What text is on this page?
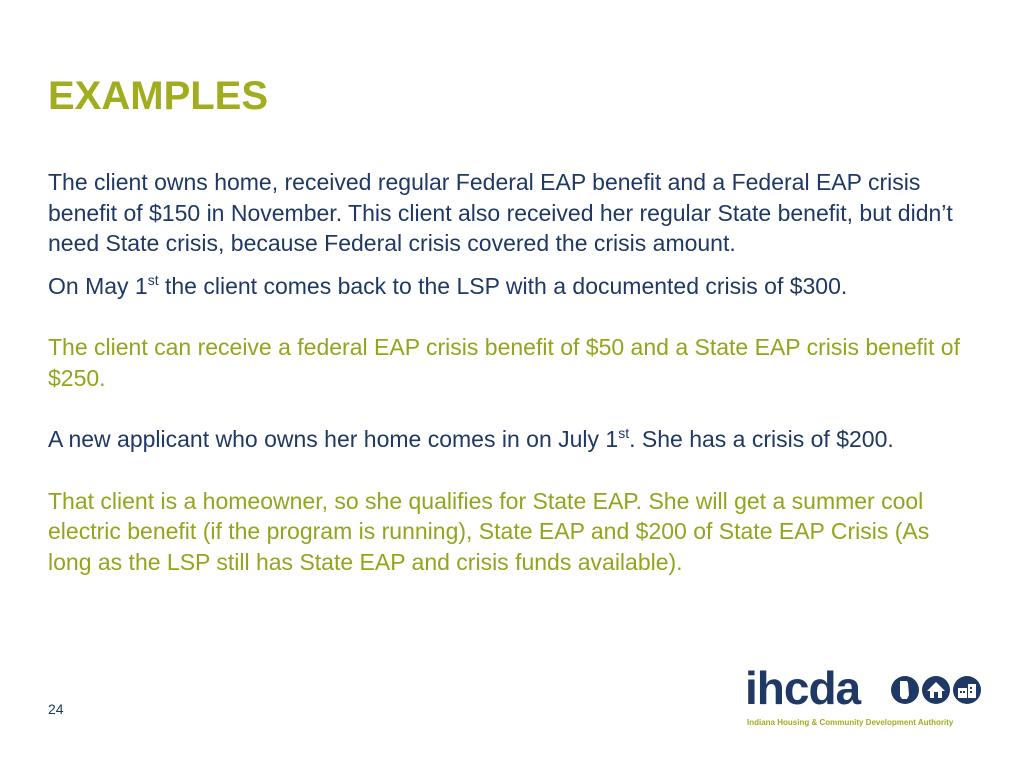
EXAMPLES

The client owns home, received regular Federal EAP benefit and a Federal EAP crisis benefit of $150 in November. This client also received her regular State benefit, but didn’t need State crisis, because Federal crisis covered the crisis amount.

On May 1st the client comes back to the LSP with a documented crisis of $300.

The client can receive a federal EAP crisis benefit of $50 and a State EAP crisis benefit of $250.

A new applicant who owns her home comes in on July 1st. She has a crisis of $200.

That client is a homeowner, so she qualifies for State EAP. She will get a summer cool electric benefit (if the program is running), State EAP and $200 of State EAP Crisis (As long as the LSP still has State EAP and crisis funds available).

24	ihcda
Indiana Housing & Community Development Authority
